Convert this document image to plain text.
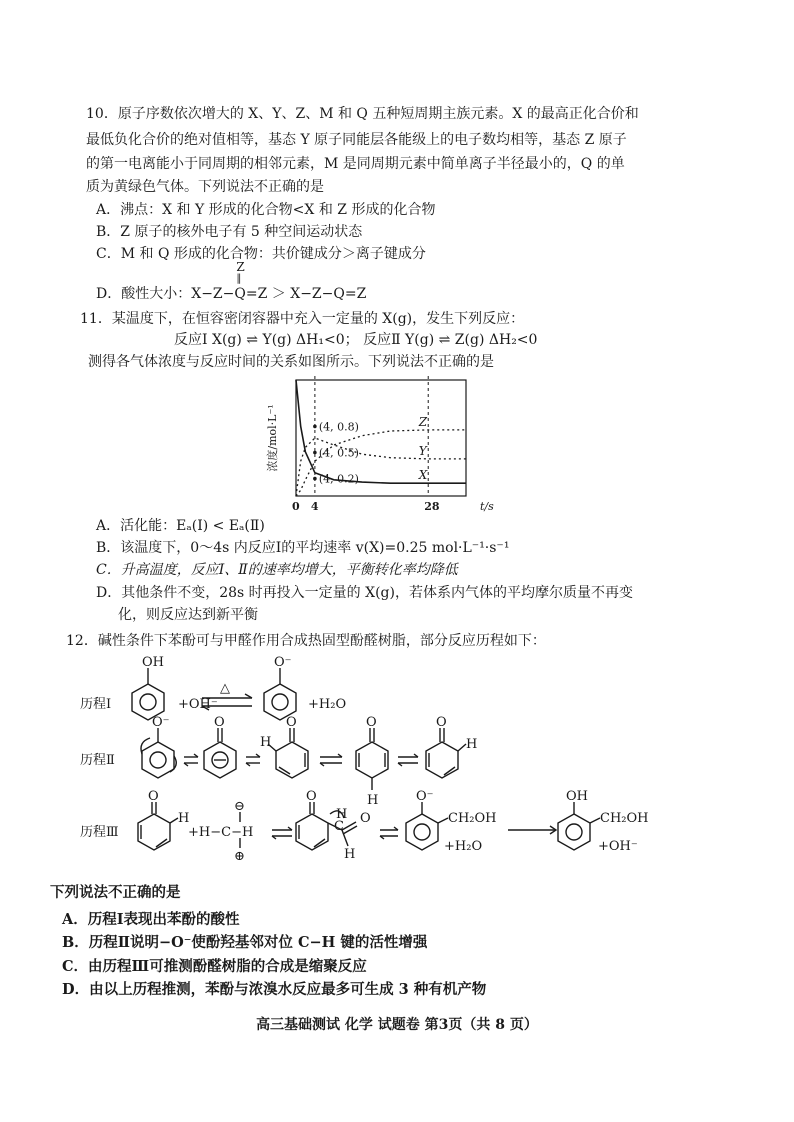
10．原子序数依次增大的 X、Y、Z、M 和 Q 五种短周期主族元素。X 的最高正化合价和
最低负化合价的绝对值相等，基态 Y 原子同能层各能级上的电子数均相等，基态 Z 原子
的第一电离能小于同周期的相邻元素，M 是同周期元素中简单离子半径最小的，Q 的单
质为黄绿色气体。下列说法不正确的是
A．沸点：X 和 Y 形成的化合物<X 和 Z 形成的化合物
B．Z 原子的核外电子有 5 种空间运动状态
C．M 和 Q 形成的化合物：共价键成分＞离子键成分
D．酸性大小：X−Z−
Z
‖
Q=Z ＞ X−Z−Q=Z
11．某温度下，在恒容密闭容器中充入一定量的 X(g)，发生下列反应：
反应Ⅰ X(g) ⇌ Y(g) ΔH₁<0； 反应Ⅱ Y(g) ⇌ Z(g) ΔH₂<0
测得各气体浓度与反应时间的关系如图所示。下列说法不正确的是
X
Y
Z
(4, 0.8)
(4, 0.5)
(4, 0.2)
浓度/mol·L⁻¹
0 4	28	t/s
A．活化能：Eₐ(Ⅰ) < Eₐ(Ⅱ)
B．该温度下，0～4s 内反应Ⅰ的平均速率 v(X)=0.25 mol·L⁻¹·s⁻¹
C．升高温度，反应Ⅰ、Ⅱ的速率均增大，平衡转化率均降低
D．其他条件不变，28s 时再投入一定量的 X(g)，若体系内气体的平均摩尔质量不再变
化，则反应达到新平衡
12．碱性条件下苯酚可与甲醛作用合成热固型酚醛树脂，部分反应历程如下：
历程Ⅰ
OH
+OH⁻
△
O⁻
+H₂O
历程Ⅱ
O⁻	O
H
O	O
H
O
H
历程Ⅲ
O
H
+H−C−H
⊖
⊕
O
H
C
O
H
O⁻
CH₂OH
+H₂O
OH
CH₂OH
+OH⁻
下列说法不正确的是
A．历程Ⅰ表现出苯酚的酸性
B．历程Ⅱ说明−O⁻使酚羟基邻对位 C−H 键的活性增强
C．由历程Ⅲ可推测酚醛树脂的合成是缩聚反应
D．由以上历程推测，苯酚与浓溴水反应最多可生成 3 种有机产物
高三基础测试 化学 试题卷 第3页（共 8 页）
